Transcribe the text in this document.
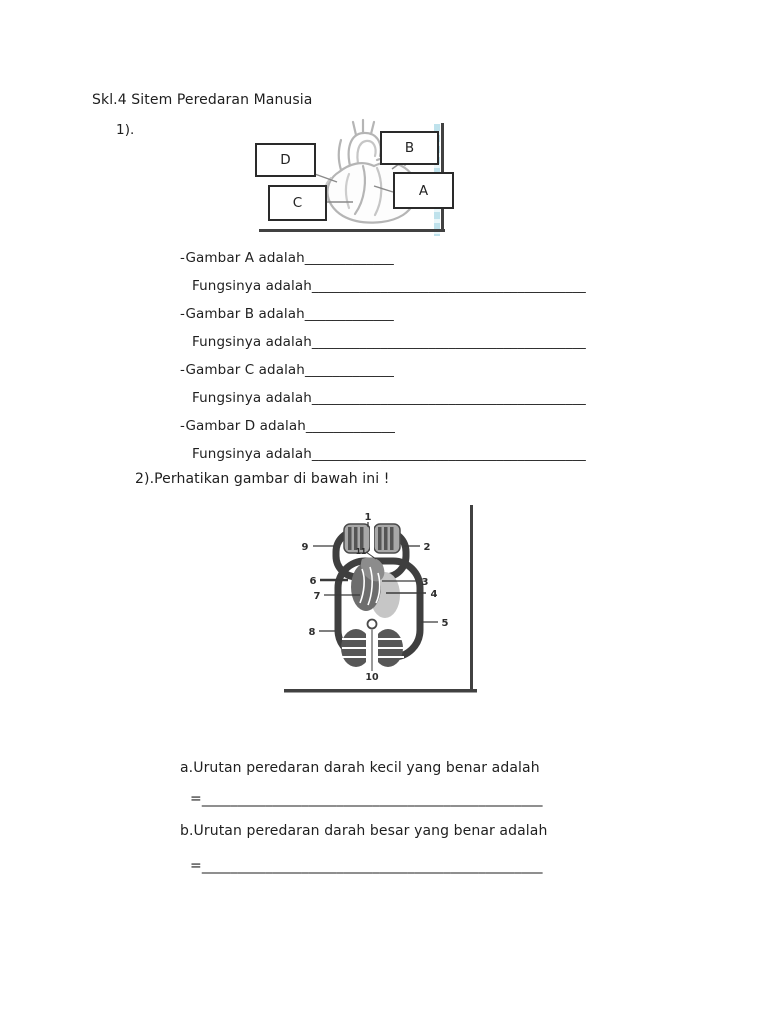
Skl.4 Sitem Peredaran Manusia
1).
D
B
C
A
-Gambar A adalah_____________
Fungsinya adalah________________________________________
-Gambar B adalah_____________
Fungsinya adalah________________________________________
-Gambar C adalah_____________
Fungsinya adalah________________________________________
-Gambar D adalah_____________
Fungsinya adalah________________________________________
2).Perhatikan gambar di bawah ini !
1
2
3
4
5
6
7
8
9
10
11
a.Urutan peredaran darah kecil yang benar adalah
=________________________________________________
b.Urutan peredaran darah besar yang benar adalah
=________________________________________________
